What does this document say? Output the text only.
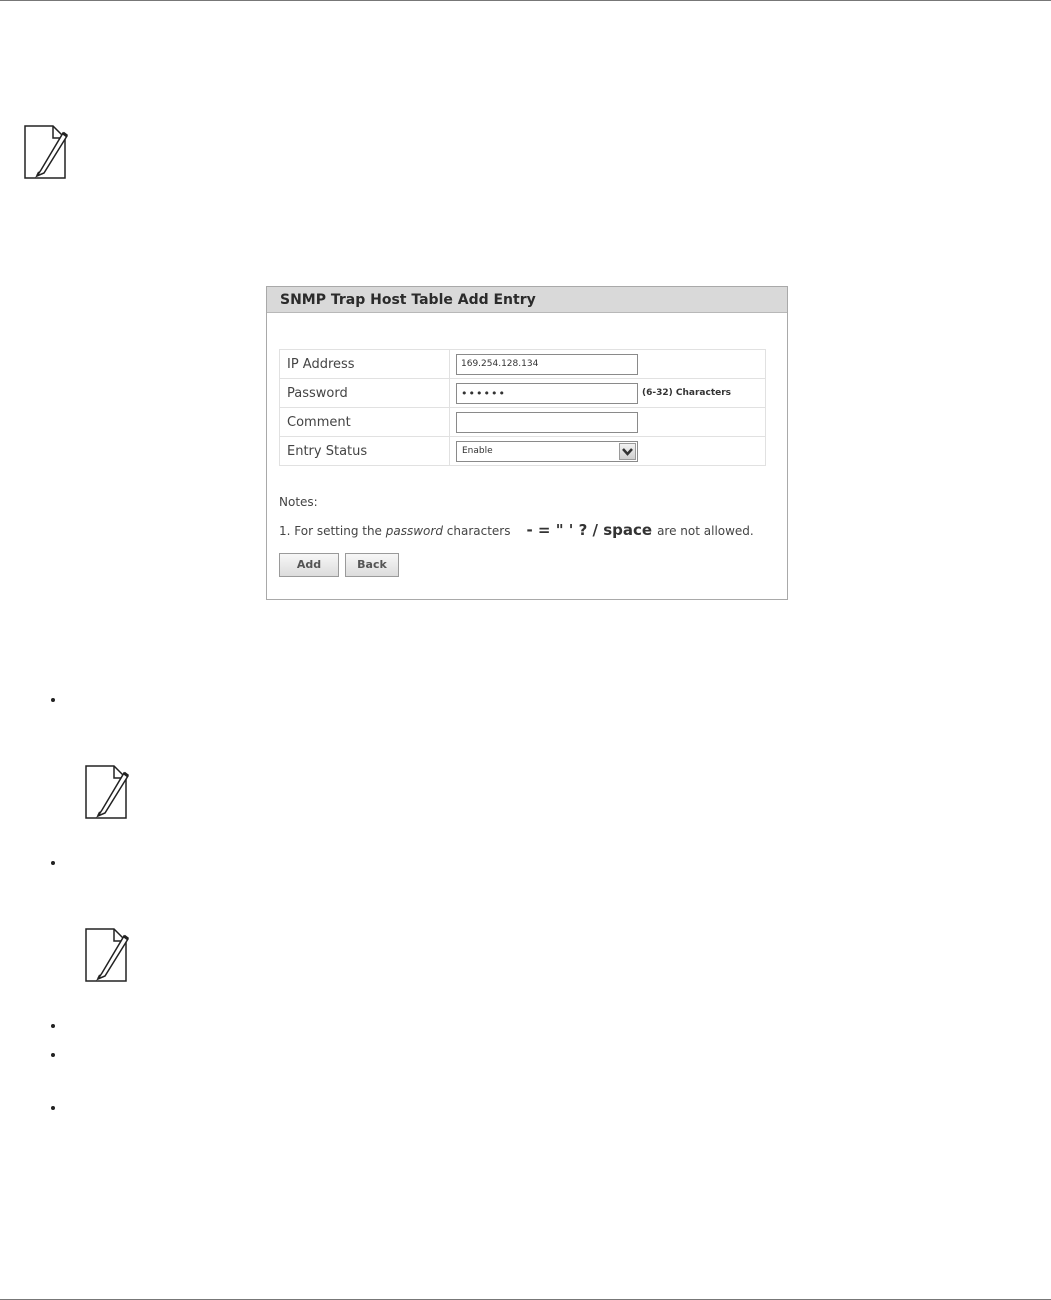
SNMP Trap Host Table Add Entry
IP Address	169.254.128.134
Password	•••••• (6-32) Characters
Comment	
Entry Status	Enable
Notes:
1. For setting the password characters - = " ' ? / space are not allowed.
Add	Back
